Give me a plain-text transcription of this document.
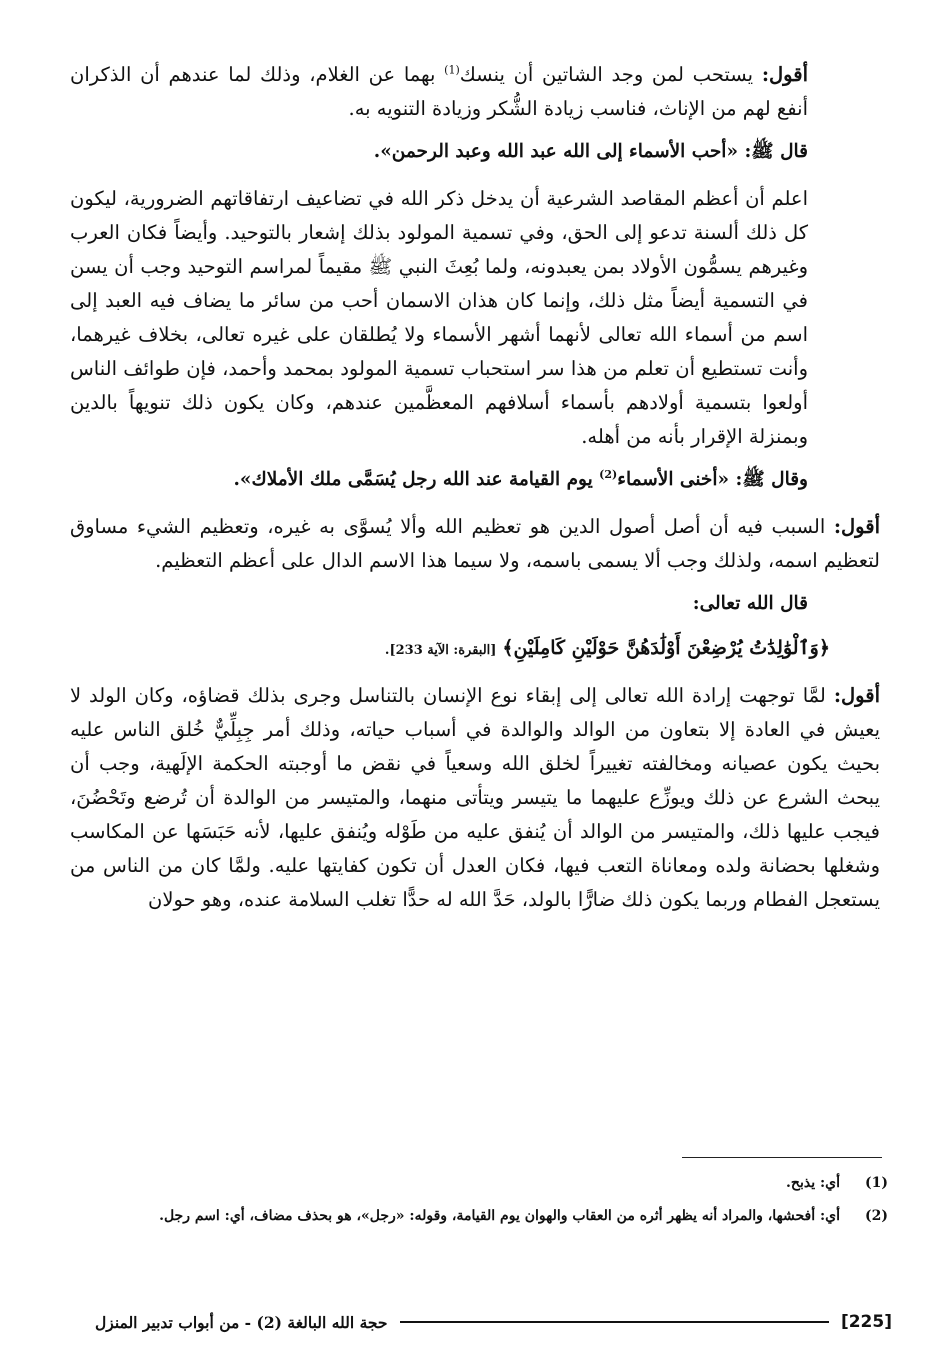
أقول: يستحب لمن وجد الشاتين أن ينسك$^{(1)}$ بهما عن الغلام، وذلك لما عندهم أن الذكران أنفع لهم من الإناث، فناسب زيادة الشُّكر وزيادة التنويه به.

قال ﷺ: «أحب الأسماء إلى الله عبد الله وعبد الرحمن».

اعلم أن أعظم المقاصد الشرعية أن يدخل ذكر الله في تضاعيف ارتفاقاتهم الضرورية، ليكون كل ذلك ألسنة تدعو إلى الحق، وفي تسمية المولود بذلك إشعار بالتوحيد. وأيضاً فكان العرب وغيرهم يسمُّون الأولاد بمن يعبدونه، ولما بُعِثَ النبي ﷺ مقيماً لمراسم التوحيد وجب أن يسن في التسمية أيضاً مثل ذلك، وإنما كان هذان الاسمان أحب من سائر ما يضاف فيه العبد إلى اسم من أسماء الله تعالى لأنهما أشهر الأسماء ولا يُطلقان على غيره تعالى، بخلاف غيرهما، وأنت تستطيع أن تعلم من هذا سر استحباب تسمية المولود بمحمد وأحمد، فإن طوائف الناس أولعوا بتسمية أولادهم بأسماء أسلافهم المعظَّمين عندهم، وكان يكون ذلك تنويهاً بالدين وبمنزلة الإقرار بأنه من أهله.

وقال ﷺ: «أخنى الأسماء$^{(2)}$ يوم القيامة عند الله رجل يُسَمَّى ملك الأملاك».

أقول: السبب فيه أن أصل أصول الدين هو تعظيم الله وألا يُسوَّى به غيره، وتعظيم الشيء مساوق لتعظيم اسمه، ولذلك وجب ألا يسمى باسمه، ولا سيما هذا الاسم الدال على أعظم التعظيم.

قال الله تعالى:

﴿وَٱلْوَٰلِدَٰتُ يُرْضِعْنَ أَوْلَٰدَهُنَّ حَوْلَيْنِ كَامِلَيْنِ﴾[البقرة: الآية 233].

أقول: لمَّا توجهت إرادة الله تعالى إلى إبقاء نوع الإنسان بالتناسل وجرى بذلك قضاؤه، وكان الولد لا يعيش في العادة إلا بتعاون من الوالد والوالدة في أسباب حياته، وذلك أمر جِبِلِّيٌّ خُلق الناس عليه بحيث يكون عصيانه ومخالفته تغييراً لخلق الله وسعياً في نقض ما أوجبته الحكمة الإلَهية، وجب أن يبحث الشرع عن ذلك ويوزِّع عليهما ما يتيسر ويتأتى منهما، والمتيسر من الوالدة أن تُرضع وتَحْضُنَ، فيجب عليها ذلك، والمتيسر من الوالد أن يُنفق عليه من طَوْله ويُنفق عليها، لأنه حَبَسَها عن المكاسب وشغلها بحضانة ولده ومعاناة التعب فيها، فكان العدل أن تكون كفايتها عليه. ولمَّا كان من الناس من يستعجل الفطام وربما يكون ذلك ضارًّا بالولد، حَدَّ الله له حدًّا تغلب السلامة عنده، وهو حولان

(1)
أي: يذبح.
(2)
أي: أفحشها، والمراد أنه يظهر أثره من العقاب والهوان يوم القيامة، وقوله: «رجل»، هو بحذف مضاف، أي: اسم رجل.
[225]
حجة الله البالغة (2) - من أبواب تدبير المنزل
